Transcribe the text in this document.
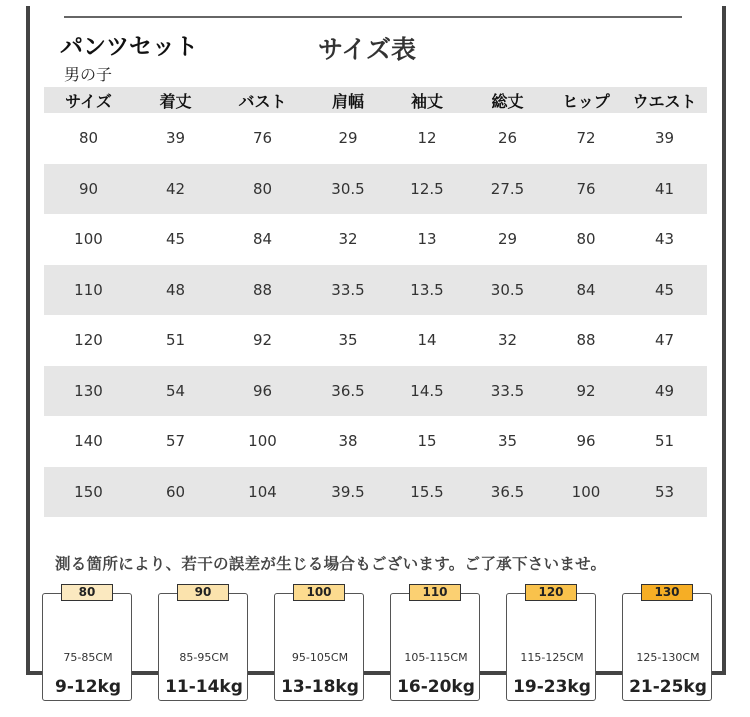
パンツセット
男の子
サイズ表
サイズ	着丈	バスト	肩幅	袖丈	総丈	ヒップ	ウエスト
80	39	76	29	12	26	72	39
90	42	80	30.5	12.5	27.5	76	41
100	45	84	32	13	29	80	43
110	48	88	33.5	13.5	30.5	84	45
120	51	92	35	14	32	88	47
130	54	96	36.5	14.5	33.5	92	49
140	57	100	38	15	35	96	51
150	60	104	39.5	15.5	36.5	100	53
測る箇所により、若干の誤差が生じる場合もございます。ご了承下さいませ。
75-85CM
9-12kg
80
85-95CM
11-14kg
90
95-105CM
13-18kg
100
105-115CM
16-20kg
110
115-125CM
19-23kg
120
125-130CM
21-25kg
130
